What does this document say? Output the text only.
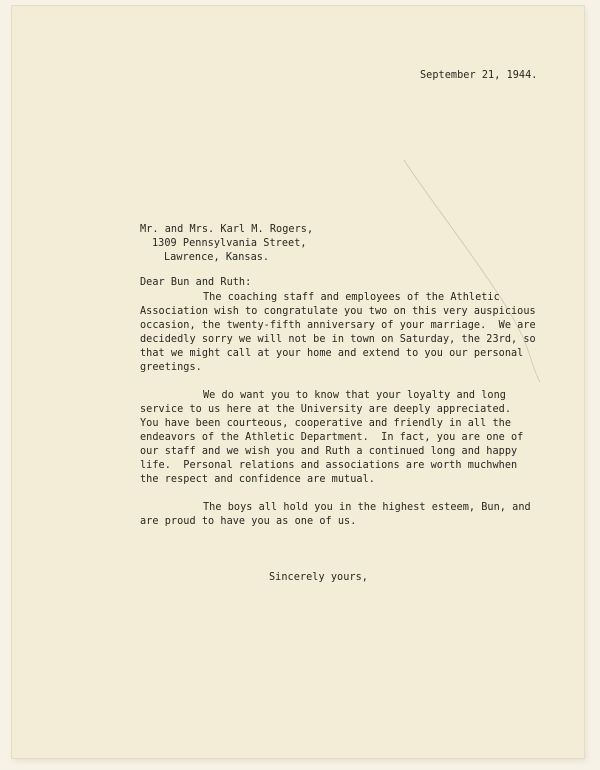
September 21, 1944.
Mr. and Mrs. Karl M. Rogers,
1309 Pennsylvania Street,
Lawrence, Kansas.
Dear Bun and Ruth:
The coaching staff and employees of the Athletic
Association wish to congratulate you two on this very auspicious
occasion, the twenty-fifth anniversary of your marriage.  We are
decidedly sorry we will not be in town on Saturday, the 23rd, so
that we might call at your home and extend to you our personal
greetings.
We do want you to know that your loyalty and long
service to us here at the University are deeply appreciated.
You have been courteous, cooperative and friendly in all the
endeavors of the Athletic Department.  In fact, you are one of
our staff and we wish you and Ruth a continued long and happy
life.  Personal relations and associations are worth muchwhen
the respect and confidence are mutual.
The boys all hold you in the highest esteem, Bun, and
are proud to have you as one of us.
Sincerely yours,
